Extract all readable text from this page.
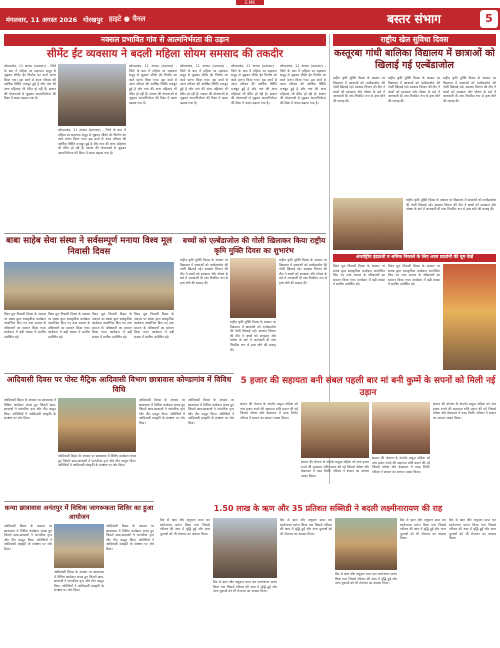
E.MK
मंगलवार, 11 अगस्त 2026 गोरखपुर हाइटे ● चैनल	बस्तर संभाग	5
नक्सल प्रभावित गांव से आत्मनिर्भरता की उड़ान
सीमेंट ईंट व्यवसाय ने बदली महिला सोयम समसाद की तकदीर
कोण्डागांव, 11 अगस्त (समाचार) - जिले के ग्राम में महिला स्व सहायता समूह से जुड़कर सीमेंट ईंट निर्माण का कार्य प्रारंभ किया गया। इस कार्य से आज परिवार की आर्थिक स्थिति मजबूत हुई है और गांव की अन्य महिलाएं भी प्रेरित हो रही हैं। शासन की योजनाओं से जुड़कर आत्मनिर्भरता की दिशा में कदम बढ़ाया गया है।
कोण्डागांव, 11 अगस्त (समाचार) - जिले के ग्राम में महिला स्व सहायता समूह से जुड़कर सीमेंट ईंट निर्माण का कार्य प्रारंभ किया गया। इस कार्य से आज परिवार की आर्थिक स्थिति मजबूत हुई है और गांव की अन्य महिलाएं भी प्रेरित हो रही हैं। शासन की योजनाओं से जुड़कर आत्मनिर्भरता की दिशा में कदम बढ़ाया गया है।
कोण्डागांव, 11 अगस्त (समाचार) - जिले के ग्राम में महिला स्व सहायता समूह से जुड़कर सीमेंट ईंट निर्माण का कार्य प्रारंभ किया गया। इस कार्य से आज परिवार की आर्थिक स्थिति मजबूत हुई है और गांव की अन्य महिलाएं भी प्रेरित हो रही हैं। शासन की योजनाओं से जुड़कर आत्मनिर्भरता की दिशा में कदम बढ़ाया गया है।
कोण्डागांव, 11 अगस्त (समाचार) - जिले के ग्राम में महिला स्व सहायता समूह से जुड़कर सीमेंट ईंट निर्माण का कार्य प्रारंभ किया गया। इस कार्य से आज परिवार की आर्थिक स्थिति मजबूत हुई है और गांव की अन्य महिलाएं भी प्रेरित हो रही हैं। शासन की योजनाओं से जुड़कर आत्मनिर्भरता की दिशा में कदम बढ़ाया गया है।
कोण्डागांव, 11 अगस्त (समाचार) - जिले के ग्राम में महिला स्व सहायता समूह से जुड़कर सीमेंट ईंट निर्माण का कार्य प्रारंभ किया गया। इस कार्य से आज परिवार की आर्थिक स्थिति मजबूत हुई है और गांव की अन्य महिलाएं भी प्रेरित हो रही हैं। शासन की योजनाओं से जुड़कर आत्मनिर्भरता की दिशा में कदम बढ़ाया गया है।
कोण्डागांव, 11 अगस्त (समाचार) - जिले के ग्राम में महिला स्व सहायता समूह से जुड़कर सीमेंट ईंट निर्माण का कार्य प्रारंभ किया गया। इस कार्य से आज परिवार की आर्थिक स्थिति मजबूत हुई है और गांव की अन्य महिलाएं भी प्रेरित हो रही हैं। शासन की योजनाओं से जुड़कर आत्मनिर्भरता की दिशा में कदम बढ़ाया गया है।
राष्ट्रीय खेल सुविधा दिवस
कस्तूरबा गांधी बालिका विद्यालय में छात्राओं को खिलाई गई एल्बेंडाजोल
राष्ट्रीय कृमि मुक्ति दिवस के अवसर पर विद्यालय में छात्राओं को एल्बेंडाजोल की गोली खिलाई गई। स्वास्थ्य विभाग की टीम ने बच्चों को स्वच्छता और पोषण के बारे में जानकारी दी तथा नियमित रूप से हाथ धोने की सलाह दी।
राष्ट्रीय कृमि मुक्ति दिवस के अवसर पर विद्यालय में छात्राओं को एल्बेंडाजोल की गोली खिलाई गई। स्वास्थ्य विभाग की टीम ने बच्चों को स्वच्छता और पोषण के बारे में जानकारी दी तथा नियमित रूप से हाथ धोने की सलाह दी।
राष्ट्रीय कृमि मुक्ति दिवस के अवसर पर विद्यालय में छात्राओं को एल्बेंडाजोल की गोली खिलाई गई। स्वास्थ्य विभाग की टीम ने बच्चों को स्वच्छता और पोषण के बारे में जानकारी दी तथा नियमित रूप से हाथ धोने की सलाह दी।
राष्ट्रीय कृमि मुक्ति दिवस के अवसर पर विद्यालय में छात्राओं को एल्बेंडाजोल की गोली खिलाई गई। स्वास्थ्य विभाग की टीम ने बच्चों को स्वच्छता और पोषण के बारे में जानकारी दी तथा नियमित रूप से हाथ धोने की सलाह दी।
बाबा साहेब सेवा संस्था ने सर्वसम्पूर्ण मनाया विश्व मूल निवासी दिवस
विश्व मूल निवासी दिवस के अवसर पर संस्था द्वारा सांस्कृतिक कार्यक्रम आयोजित किए गए तथा समाज के वरिष्ठजनों का सम्मान किया गया। कार्यक्रम में बड़ी संख्या में ग्रामीण उपस्थित रहे।
विश्व मूल निवासी दिवस के अवसर पर संस्था द्वारा सांस्कृतिक कार्यक्रम आयोजित किए गए तथा समाज के वरिष्ठजनों का सम्मान किया गया। कार्यक्रम में बड़ी संख्या में ग्रामीण उपस्थित रहे।
विश्व मूल निवासी दिवस के अवसर पर संस्था द्वारा सांस्कृतिक कार्यक्रम आयोजित किए गए तथा समाज के वरिष्ठजनों का सम्मान किया गया। कार्यक्रम में बड़ी संख्या में ग्रामीण उपस्थित रहे।
विश्व मूल निवासी दिवस के अवसर पर संस्था द्वारा सांस्कृतिक कार्यक्रम आयोजित किए गए तथा समाज के वरिष्ठजनों का सम्मान किया गया। कार्यक्रम में बड़ी संख्या में ग्रामीण उपस्थित रहे।
बच्चों को एल्बेंडाजोल की गोली खिलाकर किया राष्ट्रीय कृमि मुक्ति दिवस का शुभारंभ
राष्ट्रीय कृमि मुक्ति दिवस के अवसर पर विद्यालय में छात्राओं को एल्बेंडाजोल की गोली खिलाई गई। स्वास्थ्य विभाग की टीम ने बच्चों को स्वच्छता और पोषण के बारे में जानकारी दी तथा नियमित रूप से हाथ धोने की सलाह दी।
राष्ट्रीय कृमि मुक्ति दिवस के अवसर पर विद्यालय में छात्राओं को एल्बेंडाजोल की गोली खिलाई गई। स्वास्थ्य विभाग की टीम ने बच्चों को स्वच्छता और पोषण के बारे में जानकारी दी तथा नियमित रूप से हाथ धोने की सलाह दी।
राष्ट्रीय कृमि मुक्ति दिवस के अवसर पर विद्यालय में छात्राओं को एल्बेंडाजोल की गोली खिलाई गई। स्वास्थ्य विभाग की टीम ने बच्चों को स्वच्छता और पोषण के बारे में जानकारी दी तथा नियमित रूप से हाथ धोने की सलाह दी।
अंतर्राष्ट्रीय इंद्रावती व श्रमिक निकाले के लिए आज प्रदर्शनों की धूम देखें
विश्व मूल निवासी दिवस के अवसर पर संस्था द्वारा सांस्कृतिक कार्यक्रम आयोजित किए गए तथा समाज के वरिष्ठजनों का सम्मान किया गया। कार्यक्रम में बड़ी संख्या में ग्रामीण उपस्थित रहे।
विश्व मूल निवासी दिवस के अवसर पर संस्था द्वारा सांस्कृतिक कार्यक्रम आयोजित किए गए तथा समाज के वरिष्ठजनों का सम्मान किया गया। कार्यक्रम में बड़ी संख्या में ग्रामीण उपस्थित रहे।
आदिवासी दिवस पर पोस्ट मैट्रिक आदिवासी विभाग छात्रावास कोण्डागांव में विविध विधि
आदिवासी दिवस के अवसर पर छात्रावास में विविध कार्यक्रम संपन्न हुए जिसमें छात्र-छात्राओं ने पारंपरिक नृत्य और गीत प्रस्तुत किए। अतिथियों ने आदिवासी संस्कृति के संरक्षण पर जोर दिया।
आदिवासी दिवस के अवसर पर छात्रावास में विविध कार्यक्रम संपन्न हुए जिसमें छात्र-छात्राओं ने पारंपरिक नृत्य और गीत प्रस्तुत किए। अतिथियों ने आदिवासी संस्कृति के संरक्षण पर जोर दिया।
आदिवासी दिवस के अवसर पर छात्रावास में विविध कार्यक्रम संपन्न हुए जिसमें छात्र-छात्राओं ने पारंपरिक नृत्य और गीत प्रस्तुत किए। अतिथियों ने आदिवासी संस्कृति के संरक्षण पर जोर दिया।
आदिवासी दिवस के अवसर पर छात्रावास में विविध कार्यक्रम संपन्न हुए जिसमें छात्र-छात्राओं ने पारंपरिक नृत्य और गीत प्रस्तुत किए। अतिथियों ने आदिवासी संस्कृति के संरक्षण पर जोर दिया।
5 हजार की सहायता बनी संबल पहली बार मां बनी कुम्में के सपनों को मिली नई उड़ान
शासन की योजना के अंतर्गत प्रसूता महिला को पांच हजार रुपये की सहायता राशि प्रदान की गई जिससे पोषण और देखभाल में मदद मिली। परिवार ने शासन का आभार व्यक्त किया।
शासन की योजना के अंतर्गत प्रसूता महिला को पांच हजार रुपये की सहायता राशि प्रदान की गई जिससे पोषण और देखभाल में मदद मिली। परिवार ने शासन का आभार व्यक्त किया।
शासन की योजना के अंतर्गत प्रसूता महिला को पांच हजार रुपये की सहायता राशि प्रदान की गई जिससे पोषण और देखभाल में मदद मिली। परिवार ने शासन का आभार व्यक्त किया।
शासन की योजना के अंतर्गत प्रसूता महिला को पांच हजार रुपये की सहायता राशि प्रदान की गई जिससे पोषण और देखभाल में मदद मिली। परिवार ने शासन का आभार व्यक्त किया।
कन्या छात्रावास अनंतपुर में विधिक जागरूकता शिविर का हुआ आयोजन
आदिवासी दिवस के अवसर पर छात्रावास में विविध कार्यक्रम संपन्न हुए जिसमें छात्र-छात्राओं ने पारंपरिक नृत्य और गीत प्रस्तुत किए। अतिथियों ने आदिवासी संस्कृति के संरक्षण पर जोर दिया।
आदिवासी दिवस के अवसर पर छात्रावास में विविध कार्यक्रम संपन्न हुए जिसमें छात्र-छात्राओं ने पारंपरिक नृत्य और गीत प्रस्तुत किए। अतिथियों ने आदिवासी संस्कृति के संरक्षण पर जोर दिया।
आदिवासी दिवस के अवसर पर छात्रावास में विविध कार्यक्रम संपन्न हुए जिसमें छात्र-छात्राओं ने पारंपरिक नृत्य और गीत प्रस्तुत किए। अतिथियों ने आदिवासी संस्कृति के संरक्षण पर जोर दिया।
1.50 लाख के ऋण और 35 प्रतिशत सब्सिडी ने बदली लक्ष्मीनारायण की राह
बैंक से ऋण और अनुदान प्राप्त कर स्वरोजगार प्रारंभ किया गया जिससे परिवार की आय में वृद्धि हुई और अन्य युवाओं को भी रोजगार का अवसर मिला।
बैंक से ऋण और अनुदान प्राप्त कर स्वरोजगार प्रारंभ किया गया जिससे परिवार की आय में वृद्धि हुई और अन्य युवाओं को भी रोजगार का अवसर मिला।
बैंक से ऋण और अनुदान प्राप्त कर स्वरोजगार प्रारंभ किया गया जिससे परिवार की आय में वृद्धि हुई और अन्य युवाओं को भी रोजगार का अवसर मिला।
बैंक से ऋण और अनुदान प्राप्त कर स्वरोजगार प्रारंभ किया गया जिससे परिवार की आय में वृद्धि हुई और अन्य युवाओं को भी रोजगार का अवसर मिला।
बैंक से ऋण और अनुदान प्राप्त कर स्वरोजगार प्रारंभ किया गया जिससे परिवार की आय में वृद्धि हुई और अन्य युवाओं को भी रोजगार का अवसर मिला।
बैंक से ऋण और अनुदान प्राप्त कर स्वरोजगार प्रारंभ किया गया जिससे परिवार की आय में वृद्धि हुई और अन्य युवाओं को भी रोजगार का अवसर मिला।
